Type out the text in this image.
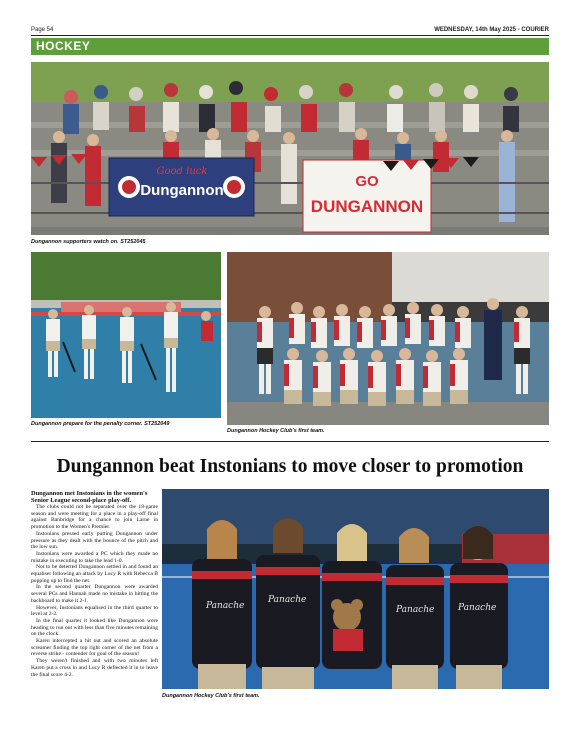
Page 54	WEDNESDAY, 14th May 2025 - COURIER
HOCKEY
Good luck
Dungannon
GO
DUNGANNON
Dungannon supporters watch on. ST252045
Dungannon prepare for the penalty corner. ST252049
Dungannon Hockey Club's first team.
Dungannon beat Instonians to move closer to promotion

Dungannon met Instonians in the women's Senior League second-place play-off.

The clubs could not be separated over the 18-game season and were meeting for a place in a play-off final against Banbridge for a chance to join Larne in promotion to the Women's Premier.

Instonians pressed early putting Dungannon under pressure as they dealt with the bounce of the pitch and the low sun.

Instonians were awarded a PC which they made no mistake in executing to take the lead 1-0.

Not to be deterred Dungannon settled in and found an equaliser following an attack by Lucy R with Rebecca B popping up to find the net.

In the second quarter Dungannon were awarded several PCs and Hannah made no mistake in hitting the backboard to make it 2-1.

However, Instonians equalised in the third quarter to level at 2-2.

In the final quarter it looked like Dungannon were heading to run out with less than five minutes remaining on the clock.

Karen intercepted a hit out and scored an absolute screamer finding the top right corner of the net from a reverse strike - contender for goal of the season!

They weren't finished and with two minutes left Karen put a cross in and Lucy R deflected it in to leave the final score 4-2.

Panache
Panache
Panache	Panache
Dungannon Hockey Club's first team.
